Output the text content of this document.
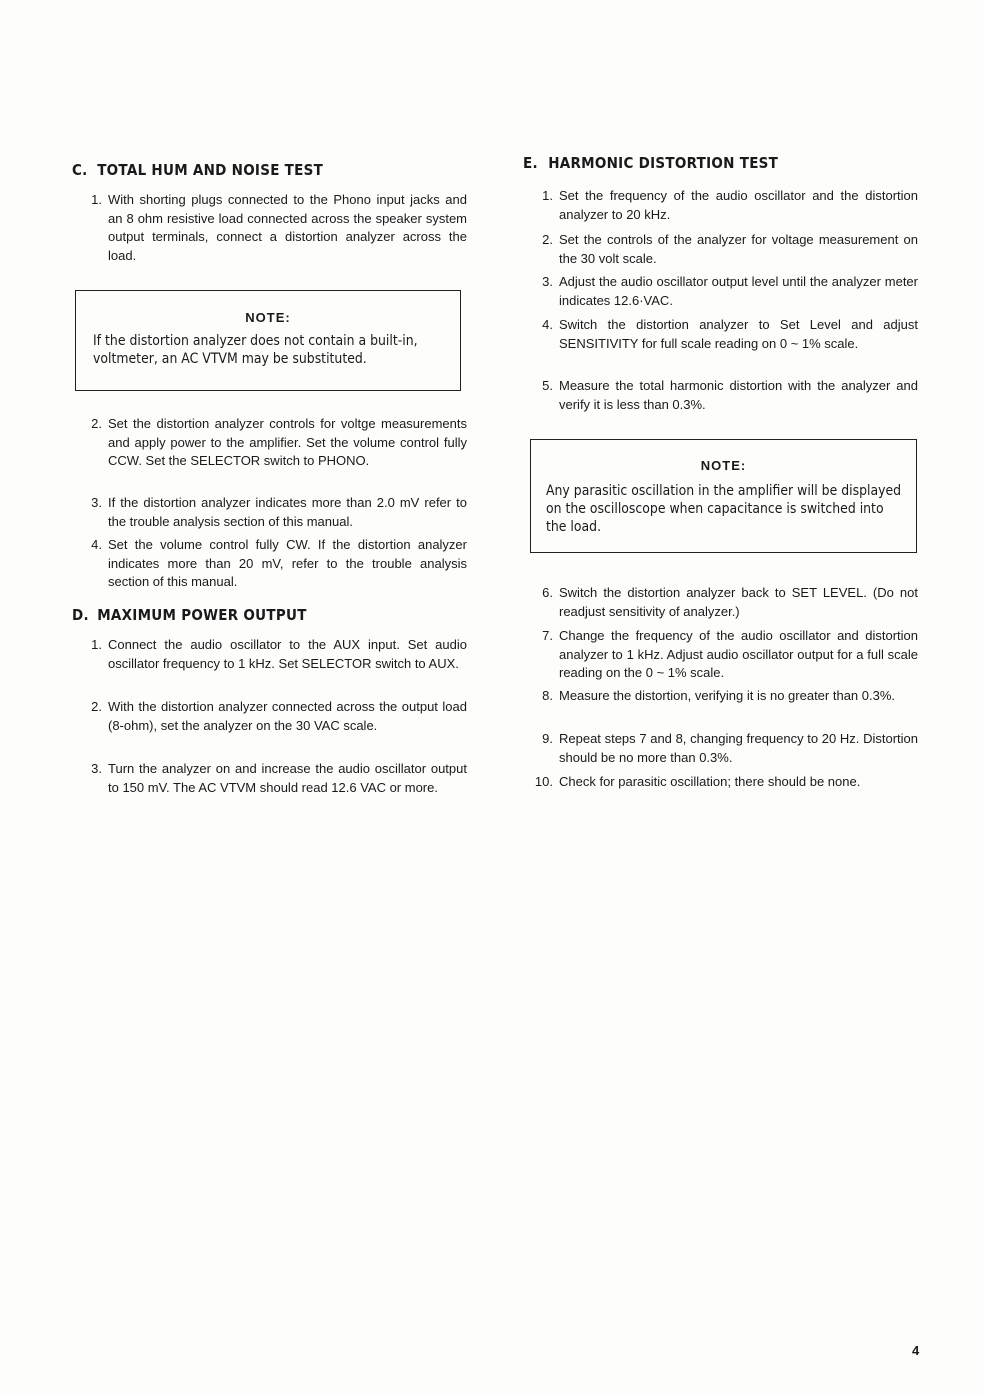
C. TOTAL HUM AND NOISE TEST
1. With shorting plugs connected to the Phono input jacks and an 8 ohm resistive load connected across the speaker system output terminals, connect a distortion analyzer across the load.
NOTE:
If the distortion analyzer does not contain a built-in, voltmeter, an AC VTVM may be substituted.
2. Set the distortion analyzer controls for voltge measurements and apply power to the amplifier. Set the volume control fully CCW. Set the SELECTOR switch to PHONO.
3. If the distortion analyzer indicates more than 2.0 mV refer to the trouble analysis section of this manual.
4. Set the volume control fully CW. If the distortion analyzer indicates more than 20 mV, refer to the trouble analysis section of this manual.
D. MAXIMUM POWER OUTPUT
1. Connect the audio oscillator to the AUX input. Set audio oscillator frequency to 1 kHz. Set SELECTOR switch to AUX.
2. With the distortion analyzer connected across the output load (8-ohm), set the analyzer on the 30 VAC scale.
3. Turn the analyzer on and increase the audio oscillator output to 150 mV. The AC VTVM should read 12.6 VAC or more.
E. HARMONIC DISTORTION TEST
1. Set the frequency of the audio oscillator and the distortion analyzer to 20 kHz.
2. Set the controls of the analyzer for voltage measurement on the 30 volt scale.
3. Adjust the audio oscillator output level until the analyzer meter indicates 12.6·VAC.
4. Switch the distortion analyzer to Set Level and adjust SENSITIVITY for full scale reading on 0 ~ 1% scale.
5. Measure the total harmonic distortion with the analyzer and verify it is less than 0.3%.
NOTE:
Any parasitic oscillation in the amplifier will be displayed on the oscilloscope when capacitance is switched into the load.
6. Switch the distortion analyzer back to SET LEVEL. (Do not readjust sensitivity of analyzer.)
7. Change the frequency of the audio oscillator and distortion analyzer to 1 kHz. Adjust audio oscillator output for a full scale reading on the 0 ~ 1% scale.
8. Measure the distortion, verifying it is no greater than 0.3%.
9. Repeat steps 7 and 8, changing frequency to 20 Hz. Distortion should be no more than 0.3%.
10. Check for parasitic oscillation; there should be none.
4
